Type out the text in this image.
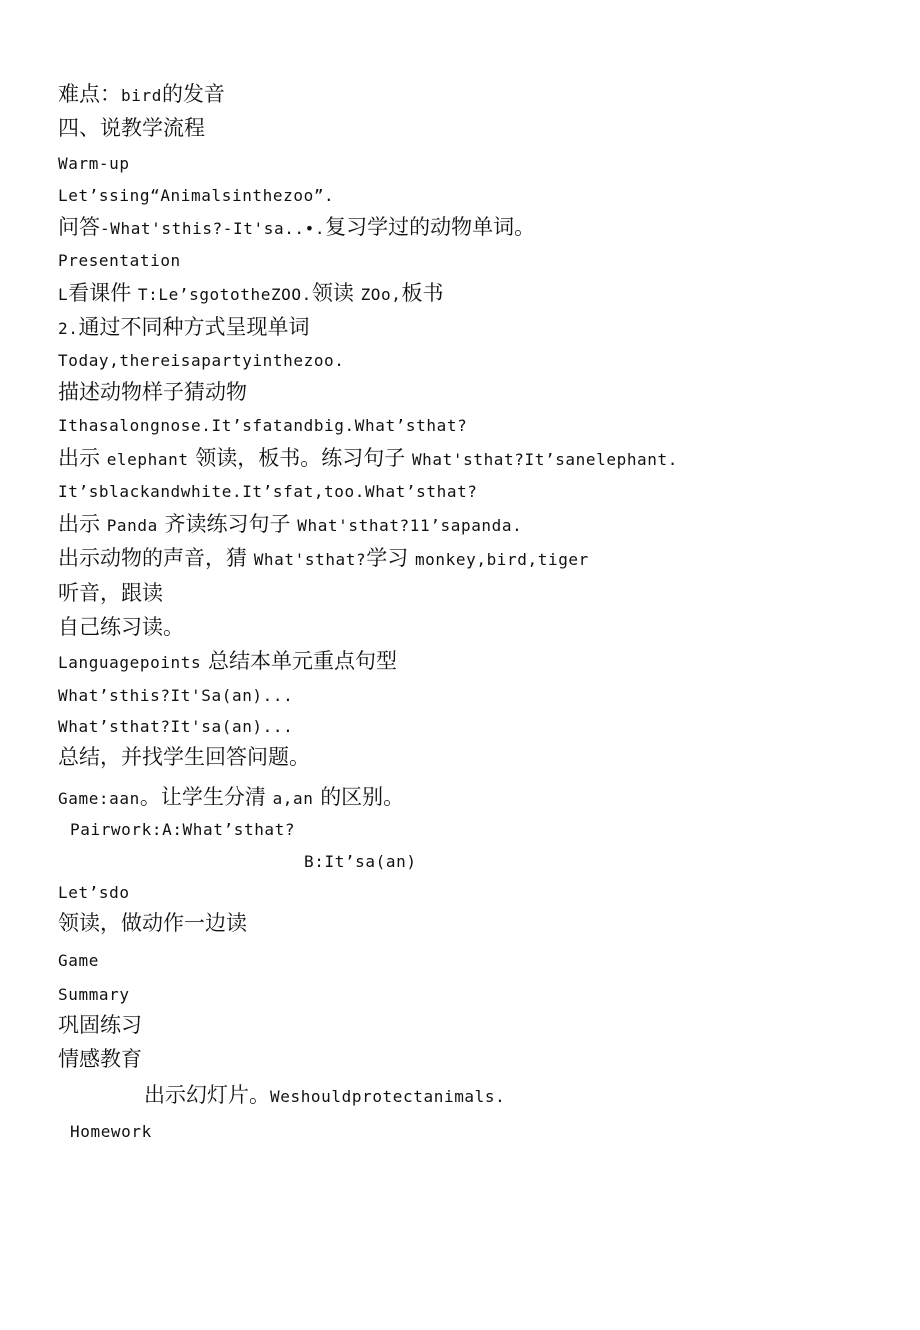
难点：bird的发音
四、说教学流程
Warm-up
Let’ssing“Animalsinthezoo”.
问答-What'sthis?-It'sa..•.复习学过的动物单词。
Presentation
L看课件 T:Le’sgototheZOO.领读 ZOo,板书
2.通过不同种方式呈现单词
Today,thereisapartyinthezoo.
描述动物样子猜动物
Ithasalongnose.It’sfatandbig.What’sthat?
出示 elephant 领读，板书。练习句子 What'sthat?It’sanelephant.
It’sblackandwhite.It’sfat,too.What’sthat?
出示 Panda 齐读练习句子 What'sthat?11’sapanda.
出示动物的声音，猜 What'sthat?学习 monkey,bird,tiger
听音，跟读
自己练习读。
Languagepoints 总结本单元重点句型
What’sthis?It'Sa(an)...
What’sthat?It'sa(an)...
总结，并找学生回答问题。
Game:aan。让学生分清 a,an 的区别。
Pairwork:A:What’sthat?
B:It’sa(an)
Let’sdo
领读，做动作一边读
Game
Summary
巩固练习
情感教育
出示幻灯片。Weshouldprotectanimals.
Homework
